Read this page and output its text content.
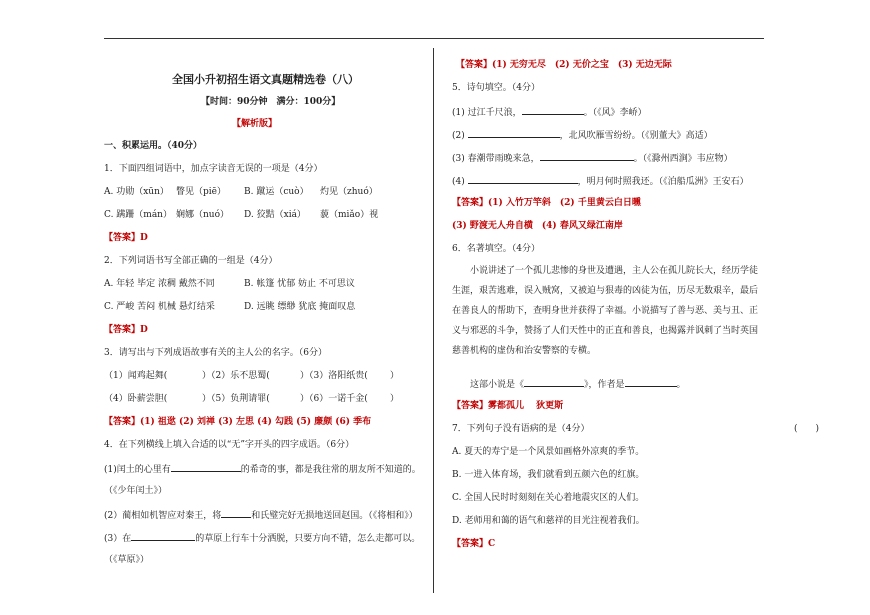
全国小升初招生语文真题精选卷（八）
【时间：90分钟　满分：100分】
【解析版】
一、积累运用。（40分）
1．下面四组词语中，加点字读音无误的一项是（4分）
A. 功勋（xūn） 瞥见（piē） B. 蹴运（cuò） 灼见（zhuó）
C. 蹒跚（mán） 娴娜（nuó） D. 狡黠（xiá） 藐（miǎo）视
【答案】D
2．下列词语书写全部正确的一组是（4分）
A. 年轻 毕定 浓稠 戴然不同	B. 帐篷 忧郁 妨止 不可思议
C. 严峻 苦闷 机械 悬灯结采	D. 远眺 缥缈 犹底 掩面叹息
【答案】D
3．请写出与下列成语故事有关的主人公的名字。（6分）
（1）闻鸡起舞(	）（2）乐不思蜀(	）（3）洛阳纸贵( ）
（4）卧薪尝胆(	）（5）负荆请罪(	）（6）一诺千金( ）
【答案】(1) 祖逖 (2) 刘禅 (3) 左思 (4) 勾践 (5) 廉颇 (6) 季布
4．在下列横线上填入合适的以“无”字开头的四字成语。（6分）
(1)闰土的心里有	的希奇的事，都是我往常的朋友所不知道的。
（《少年闰土》）
(2）蔺相如机智应对秦王，将	和氏璧完好无损地送回赵国。（《将相和》）
(3）在	的草原上行车十分洒脱，只要方向不错，怎么走都可以。
（《草原》）
【答案】(1) 无穷无尽　(2) 无价之宝　(3) 无边无际
5．诗句填空。（4分）
(1) 过江千尺浪，	。（《风》李峤）
(2)	，北风吹雁雪纷纷。（《别董大》高适）
(3) 春潮带雨晚来急，	。（《滁州西涧》韦应物）
(4)	，明月何时照我还。（《泊船瓜洲》王安石）
【答案】(1) 入竹万竿斜　(2) 千里黄云白日曛
(3) 野渡无人舟自横　(4) 春风又绿江南岸
6．名著填空。（4分）
小说讲述了一个孤儿悲惨的身世及遭遇，主人公在孤儿院长大，经历学徒生涯，艰苦逃难，误入贼窝，又被迫与狠毒的凶徒为伍，历尽无数艰辛，最后在善良人的帮助下，查明身世并获得了幸福。小说描写了善与恶、美与丑、正义与邪恶的斗争，赞扬了人们天性中的正直和善良，也揭露并讽刺了当时英国慈善机构的虚伪和治安警察的专横。
这部小说是《	》，作者是	。
【答案】雾都孤儿　 狄更斯
7．下列句子没有语病的是（4分）	(　　)
A. 夏天的寿宁是一个风景如画格外凉爽的季节。
B. 一进入体育场，我们就看到五颜六色的红旗。
C. 全国人民时时刻刻在关心着地震灾区的人们。
D. 老师用和蔼的语气和慈祥的目光注视着我们。
【答案】C
